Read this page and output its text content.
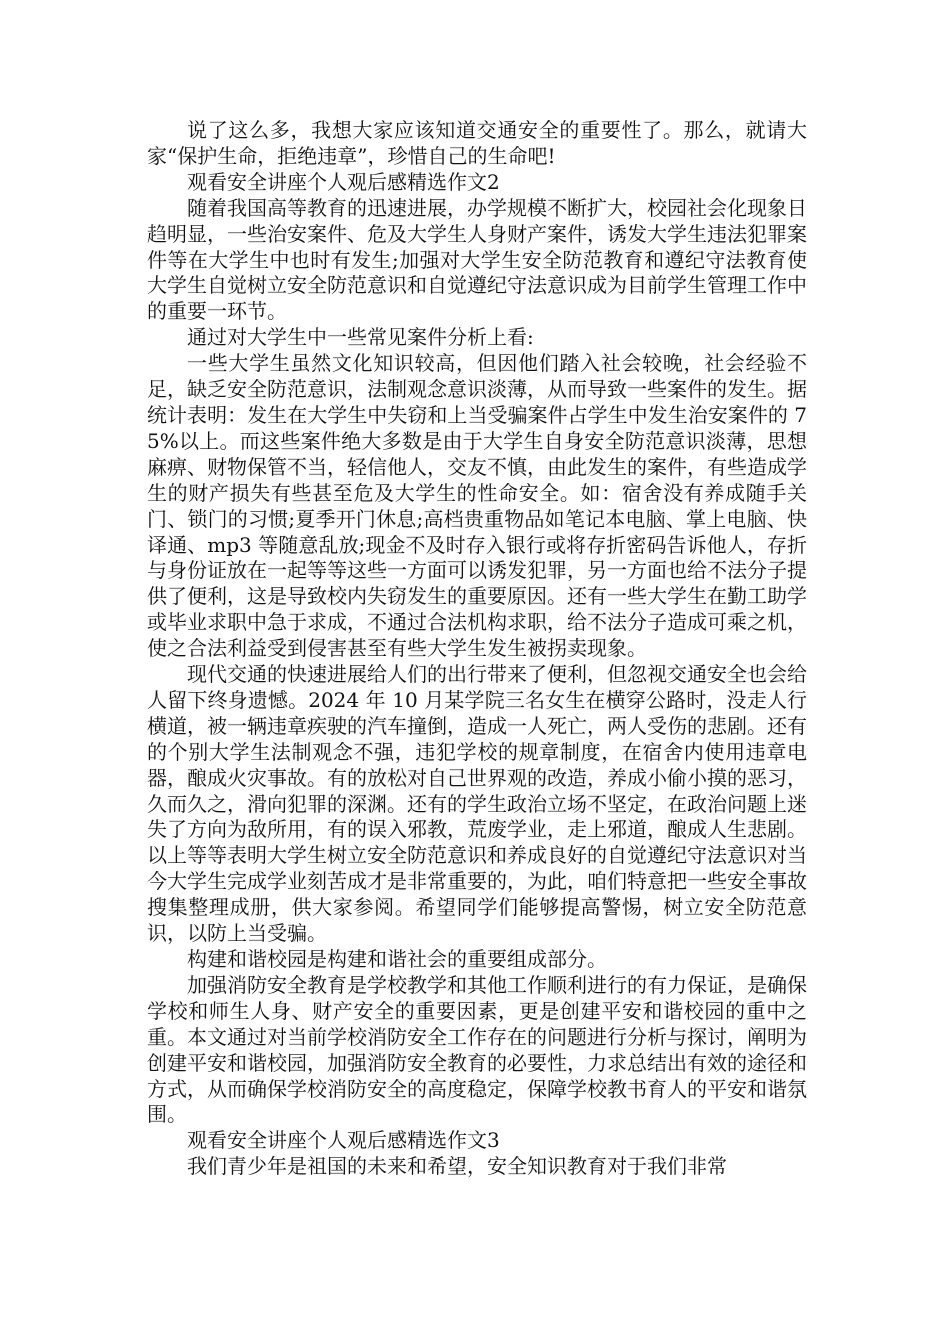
说了这么多，我想大家应该知道交通安全的重要性了。那么，就请大家“保护生命，拒绝违章”，珍惜自己的生命吧!

观看安全讲座个人观后感精选作文2

随着我国高等教育的迅速进展，办学规模不断扩大，校园社会化现象日趋明显，一些治安案件、危及大学生人身财产案件，诱发大学生违法犯罪案件等在大学生中也时有发生;加强对大学生安全防范教育和遵纪守法教育使大学生自觉树立安全防范意识和自觉遵纪守法意识成为目前学生管理工作中的重要一环节。

通过对大学生中一些常见案件分析上看:

一些大学生虽然文化知识较高，但因他们踏入社会较晚，社会经验不足，缺乏安全防范意识，法制观念意识淡薄，从而导致一些案件的发生。据统计表明：发生在大学生中失窃和上当受骗案件占学生中发生治安案件的 75%以上。而这些案件绝大多数是由于大学生自身安全防范意识淡薄，思想麻痹、财物保管不当，轻信他人，交友不慎，由此发生的案件，有些造成学生的财产损失有些甚至危及大学生的性命安全。如：宿舍没有养成随手关门、锁门的习惯;夏季开门休息;高档贵重物品如笔记本电脑、掌上电脑、快译通、mp3 等随意乱放;现金不及时存入银行或将存折密码告诉他人，存折与身份证放在一起等等这些一方面可以诱发犯罪，另一方面也给不法分子提供了便利，这是导致校内失窃发生的重要原因。还有一些大学生在勤工助学或毕业求职中急于求成，不通过合法机构求职，给不法分子造成可乘之机，使之合法利益受到侵害甚至有些大学生发生被拐卖现象。

现代交通的快速进展给人们的出行带来了便利，但忽视交通安全也会给人留下终身遗憾。2024 年 10 月某学院三名女生在横穿公路时，没走人行横道，被一辆违章疾驶的汽车撞倒，造成一人死亡，两人受伤的悲剧。还有的个别大学生法制观念不强，违犯学校的规章制度，在宿舍内使用违章电器，酿成火灾事故。有的放松对自己世界观的改造，养成小偷小摸的恶习，久而久之，滑向犯罪的深渊。还有的学生政治立场不坚定，在政治问题上迷失了方向为敌所用，有的误入邪教，荒废学业，走上邪道，酿成人生悲剧。以上等等表明大学生树立安全防范意识和养成良好的自觉遵纪守法意识对当今大学生完成学业刻苦成才是非常重要的，为此，咱们特意把一些安全事故搜集整理成册，供大家参阅。希望同学们能够提高警惕，树立安全防范意识，以防上当受骗。

构建和谐校园是构建和谐社会的重要组成部分。

加强消防安全教育是学校教学和其他工作顺利进行的有力保证，是确保学校和师生人身、财产安全的重要因素，更是创建平安和谐校园的重中之重。本文通过对当前学校消防安全工作存在的问题进行分析与探讨，阐明为创建平安和谐校园，加强消防安全教育的必要性，力求总结出有效的途径和方式，从而确保学校消防安全的高度稳定，保障学校教书育人的平安和谐氛围。

观看安全讲座个人观后感精选作文3

我们青少年是祖国的未来和希望，安全知识教育对于我们非常
